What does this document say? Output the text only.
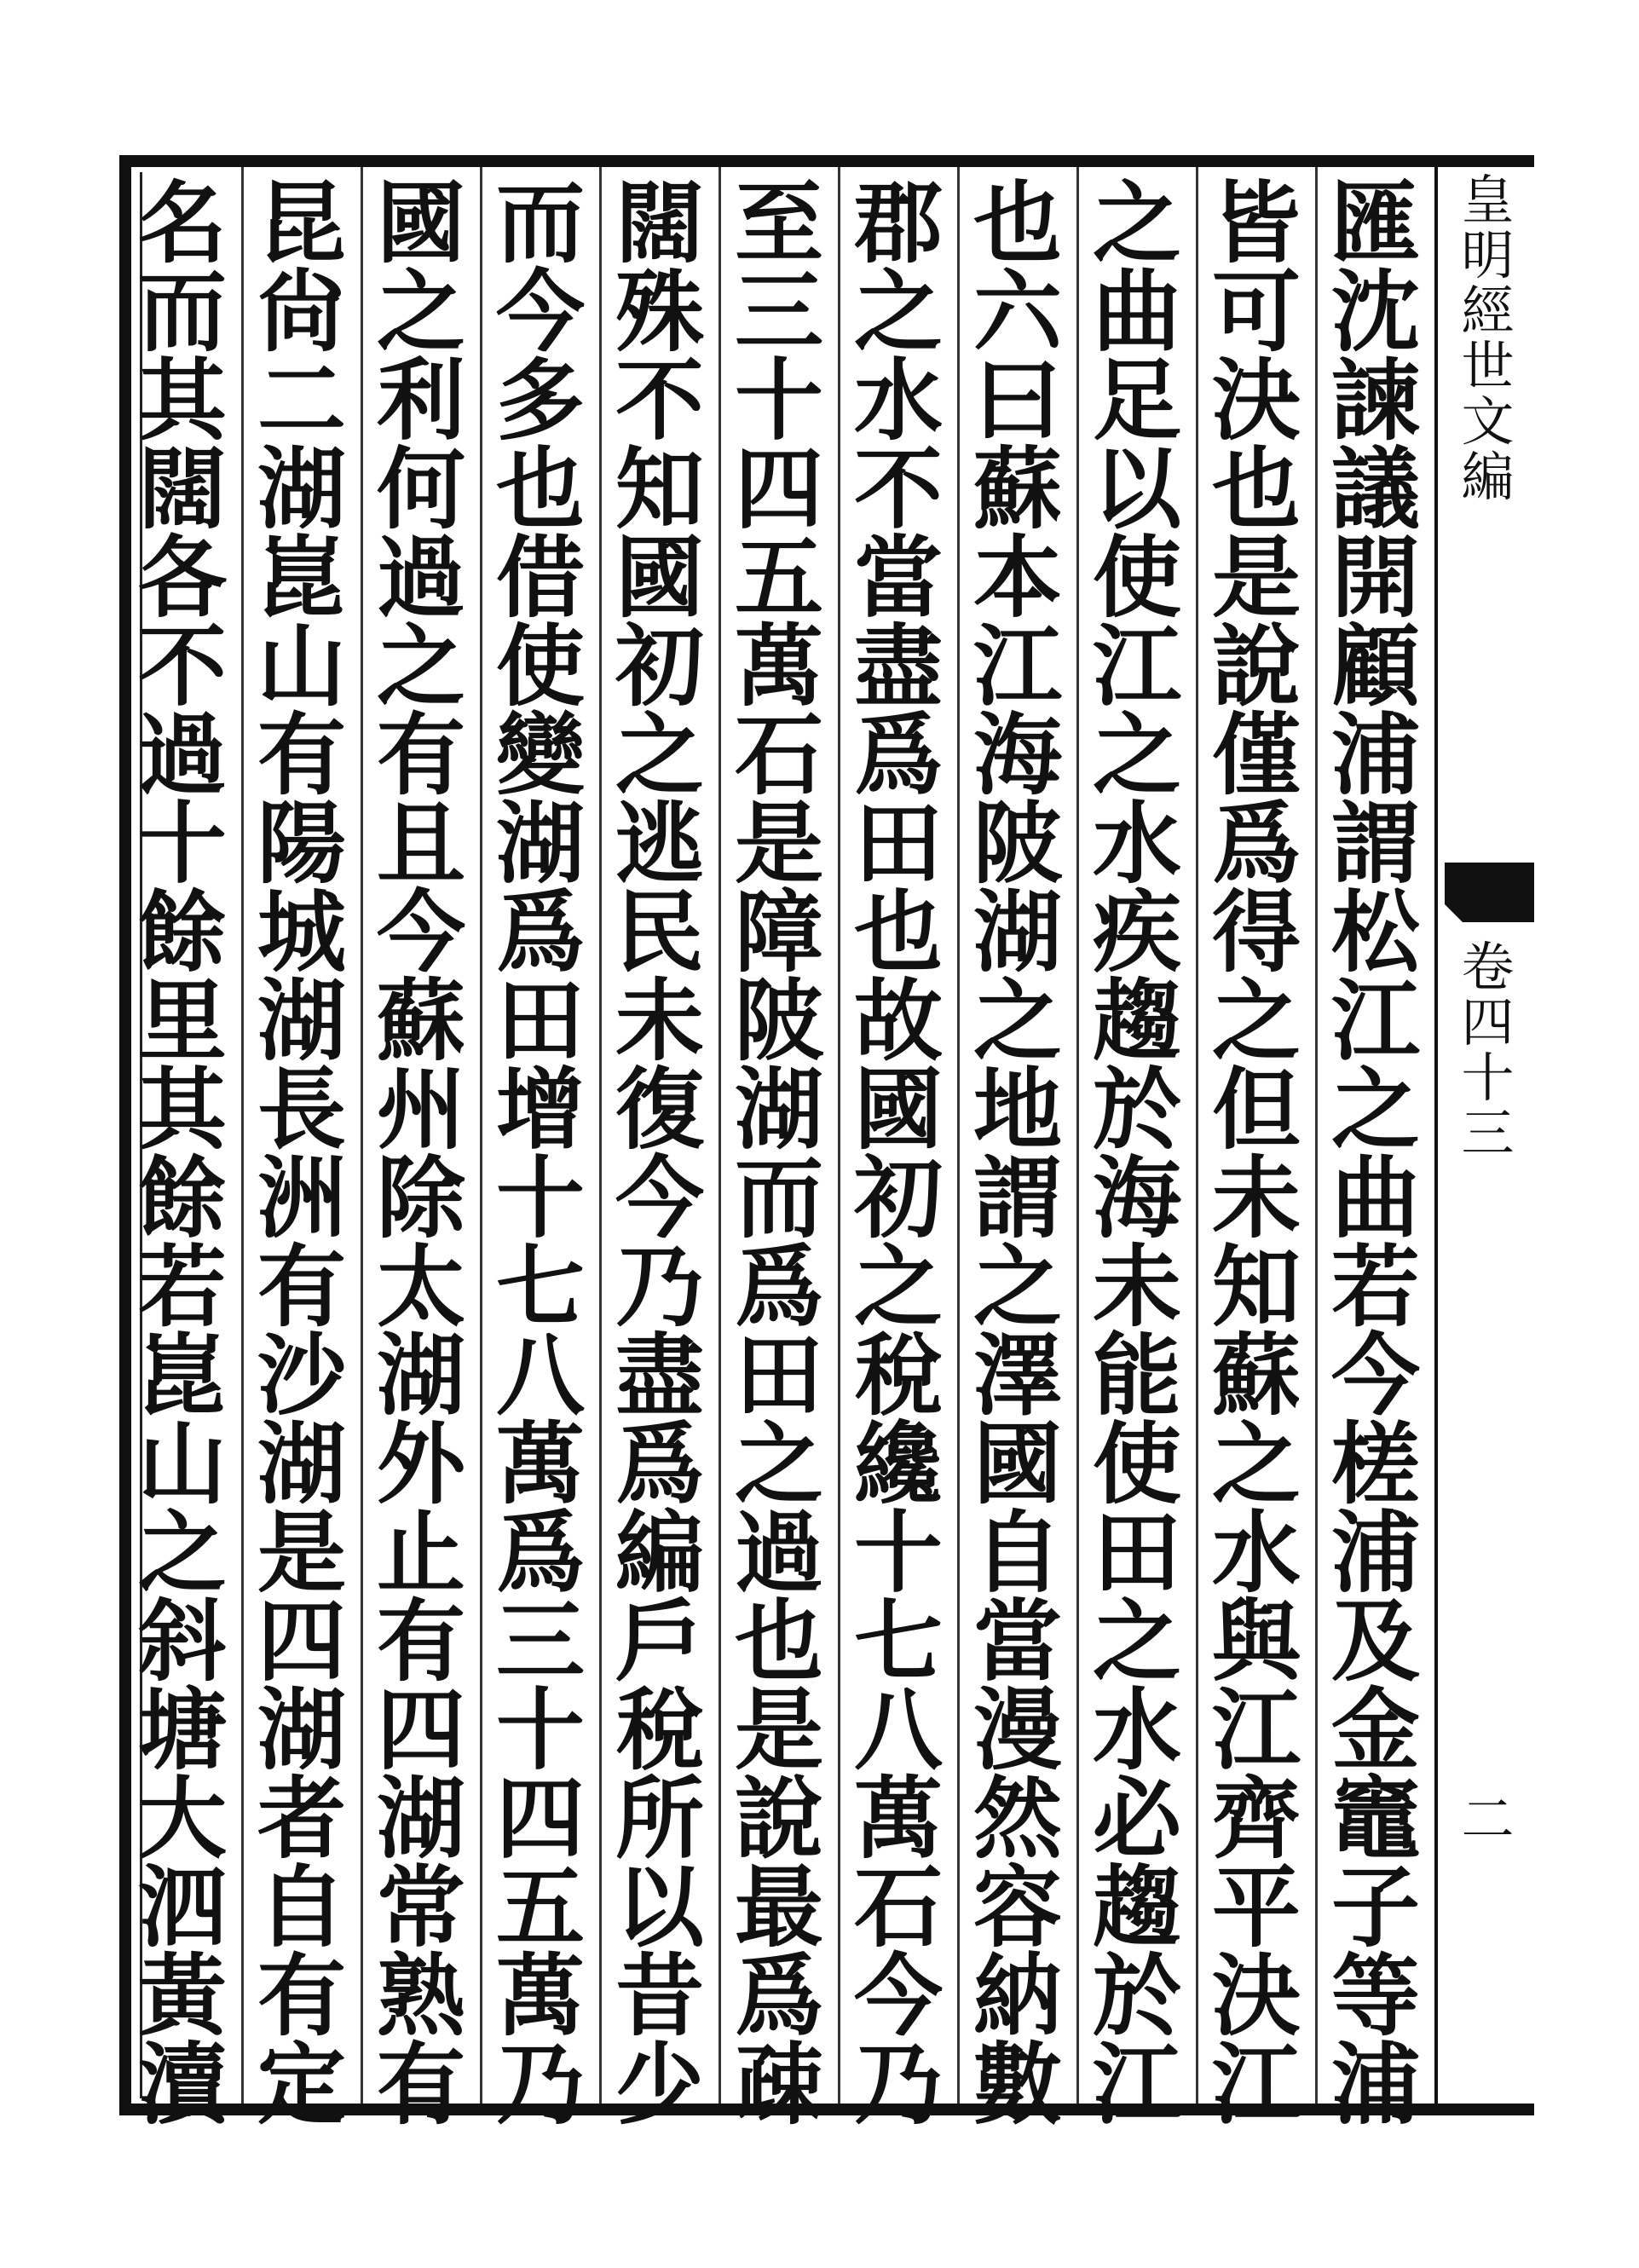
皇
明
經
世
文
編
卷
四
十
三
二
匯
沈
諫
議
開
顧
浦
謂
松
江
之
曲
若
今
槎
浦
及
金
竈
子
等
浦
皆
可
決
也
是
說
僅
爲
得
之
但
未
知
蘇
之
水
與
江
齊
平
決
江
之
曲
足
以
使
江
之
水
疾
趨
於
海
未
能
使
田
之
水
必
趨
於
江
也
六
曰
蘇
本
江
海
陂
湖
之
地
謂
之
澤
國
自
當
漫
然
容
納
數
郡
之
水
不
當
盡
爲
田
也
故
國
初
之
稅
纔
十
七
八
萬
石
今
乃
至
三
十
四
五
萬
石
是
障
陂
湖
而
爲
田
之
過
也
是
說
最
爲
疎
闊
殊
不
知
國
初
之
逃
民
未
復
今
乃
盡
爲
編
戶
稅
所
以
昔
少
而
今
多
也
借
使
變
湖
爲
田
增
十
七
八
萬
爲
三
十
四
五
萬
乃
國
之
利
何
過
之
有
且
今
蘇
州
除
太
湖
外
止
有
四
湖
常
熟
有
昆
尙
二
湖
崑
山
有
陽
城
湖
長
洲
有
沙
湖
是
四
湖
者
自
有
定
名
而
其
闊
各
不
過
十
餘
里
其
餘
若
崑
山
之
斜
塘
大
泗
黃
瀆
